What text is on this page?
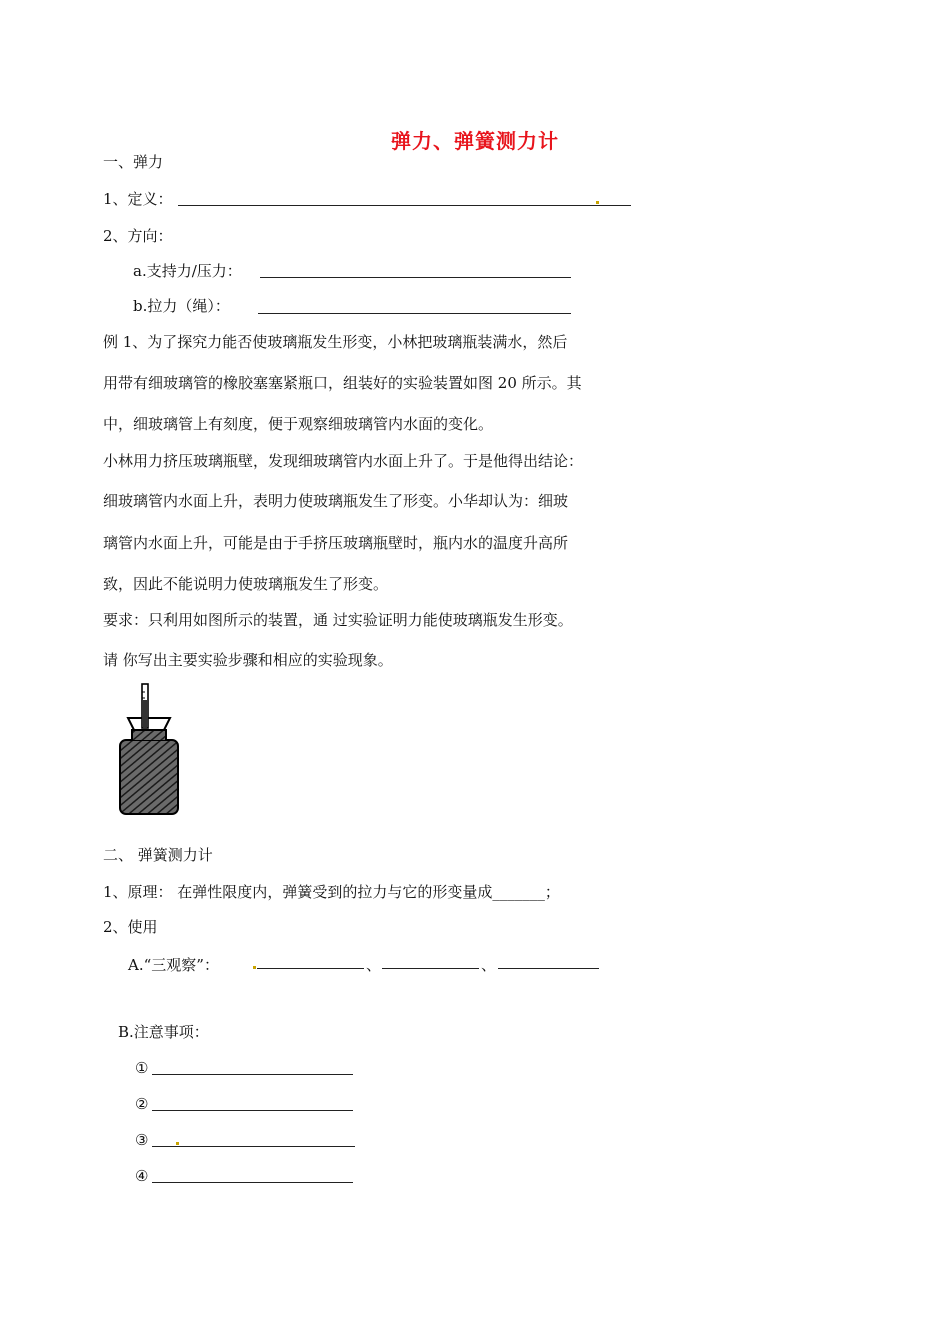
弹力、弹簧测力计
一、弹力
1、定义：
2、方向：
a.支持力/压力：
b.拉力（绳）：
例 1、为了探究力能否使玻璃瓶发生形变，小林把玻璃瓶装满水，然后
用带有细玻璃管的橡胶塞塞紧瓶口，组装好的实验装置如图 20 所示。其
中，细玻璃管上有刻度，便于观察细玻璃管内水面的变化。
小林用力挤压玻璃瓶壁，发现细玻璃管内水面上升了。于是他得出结论：
细玻璃管内水面上升，表明力使玻璃瓶发生了形变。小华却认为：细玻
璃管内水面上升，可能是由于手挤压玻璃瓶壁时，瓶内水的温度升高所
致，因此不能说明力使玻璃瓶发生了形变。
要求：只利用如图所示的装置，通 过实验证明力能使玻璃瓶发生形变。
请 你写出主要实验步骤和相应的实验现象。
二、 弹簧测力计
1、原理： 在弹性限度内，弹簧受到的拉力与它的形变量成_______；
2、使用
A.“三观察”：	、	、
B.注意事项：
①
②
③
④
